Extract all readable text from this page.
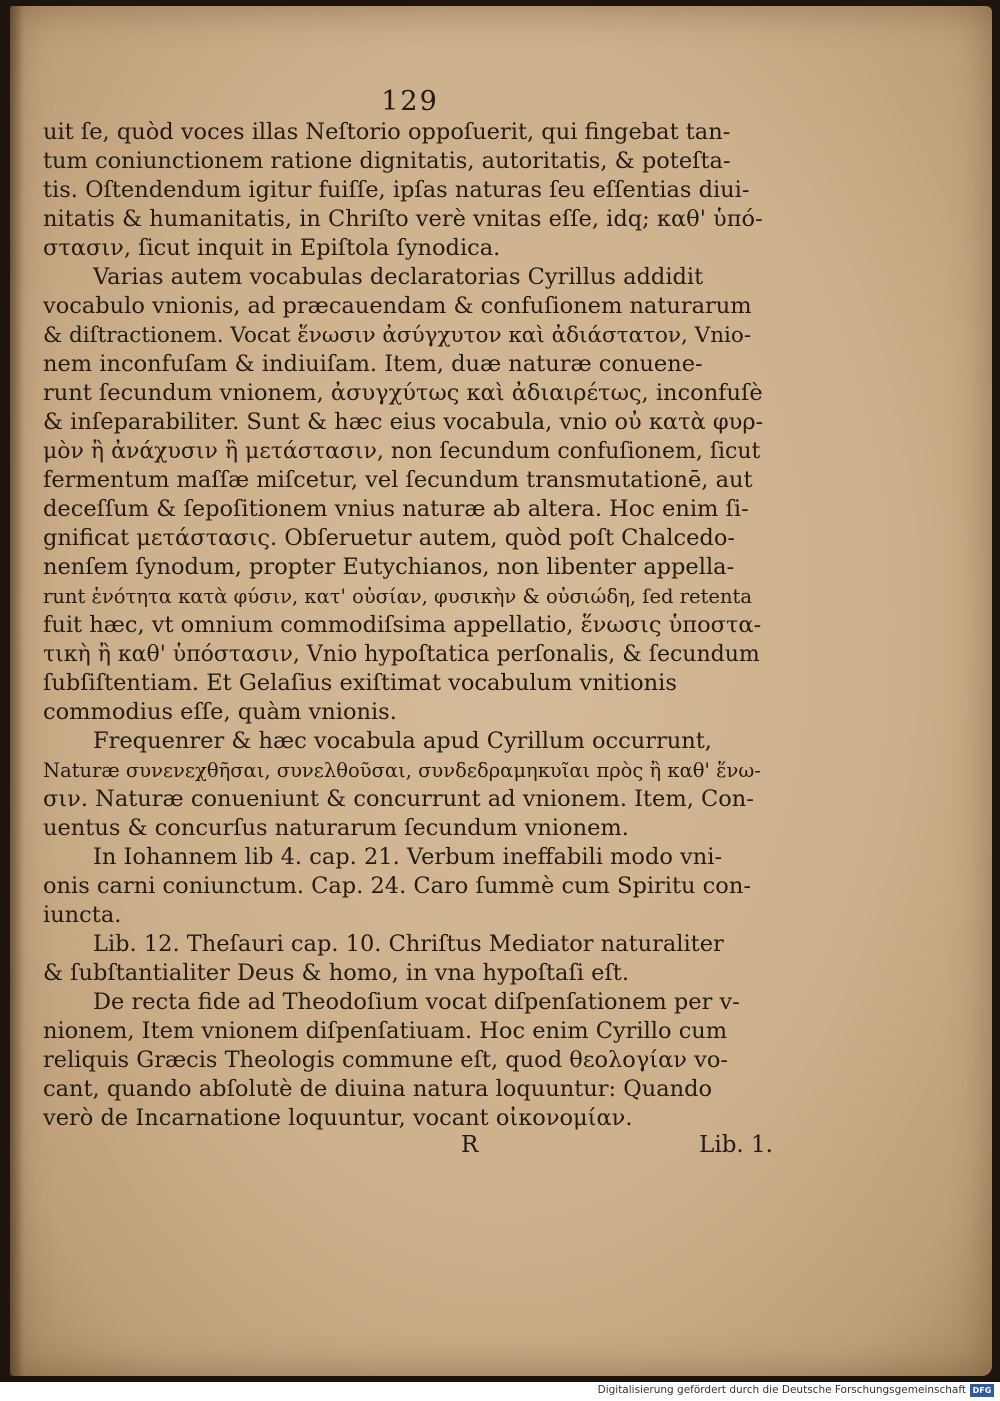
129

uit ſe, quòd voces illas Neſtorio oppoſuerit, qui fingebat tan-
tum coniunctionem ratione dignitatis, autoritatis, & poteſta-
tis. Oſtendendum igitur fuiſſe, ipſas naturas ſeu eſſentias diui-
nitatis & humanitatis, in Chriſto verè vnitas eſſe, idq; καθ' ὑπό-
στασιν, ſicut inquit in Epiſtola ſynodica.

Varias autem vocabulas declaratorias Cyrillus addidit
vocabulo vnionis, ad præcauendam & confuſionem naturarum
& diſtractionem. Vocat ἕνωσιν ἀσύγχυτον καὶ ἀδιάστατον, Vnio-
nem inconfuſam & indiuiſam. Item, duæ naturæ conuene-
runt ſecundum vnionem, ἀσυγχύτως καὶ ἀδιαιρέτως, inconfuſè
& inſeparabiliter. Sunt & hæc eius vocabula, vnio οὐ κατὰ φυρ-
μὸν ἢ ἀνάχυσιν ἢ μετάστασιν, non ſecundum confuſionem, ſicut
fermentum maſſæ miſcetur, vel ſecundum transmutationē, aut
deceſſum & ſepoſitionem vnius naturæ ab altera. Hoc enim ſi-
gnificat μετάστασις. Obſeruetur autem, quòd poſt Chalcedo-
nenſem ſynodum, propter Eutychianos, non libenter appella-
runt ἑνότητα κατὰ φύσιν, κατ' οὐσίαν, φυσικὴν & οὐσιώδη, ſed retenta
fuit hæc, vt omnium commodiſsima appellatio, ἕνωσις ὑποστα-
τικὴ ἢ καθ' ὑπόστασιν, Vnio hypoſtatica perſonalis, & ſecundum
ſubſiſtentiam. Et Gelaſius exiſtimat vocabulum vnitionis
commodius eſſe, quàm vnionis.

Frequenrer & hæc vocabula apud Cyrillum occurrunt,
Naturæ συνενεχθῆσαι, συνελθοῦσαι, συνδεδραμηκυῖαι πρὸς ἢ καθ' ἕνω-
σιν. Naturæ conueniunt & concurrunt ad vnionem. Item, Con-
uentus & concurſus naturarum ſecundum vnionem.

In Iohannem lib 4. cap. 21. Verbum ineffabili modo vni-
onis carni coniunctum. Cap. 24. Caro ſummè cum Spiritu con-
iuncta.

Lib. 12. Theſauri cap. 10. Chriſtus Mediator naturaliter
& ſubſtantialiter Deus & homo, in vna hypoſtaſi eſt.

De recta fide ad Theodoſium vocat diſpenſationem per v-
nionem, Item vnionem diſpenſatiuam. Hoc enim Cyrillo cum
reliquis Græcis Theologis commune eſt, quod θεολογίαν vo-
cant, quando abſolutè de diuina natura loquuntur: Quando
verò de Incarnatione loquuntur, vocant οἰκονομίαν.

R	Lib. 1.
Digitalisierung gefördert durch die Deutsche Forschungsgemeinschaft DFG
